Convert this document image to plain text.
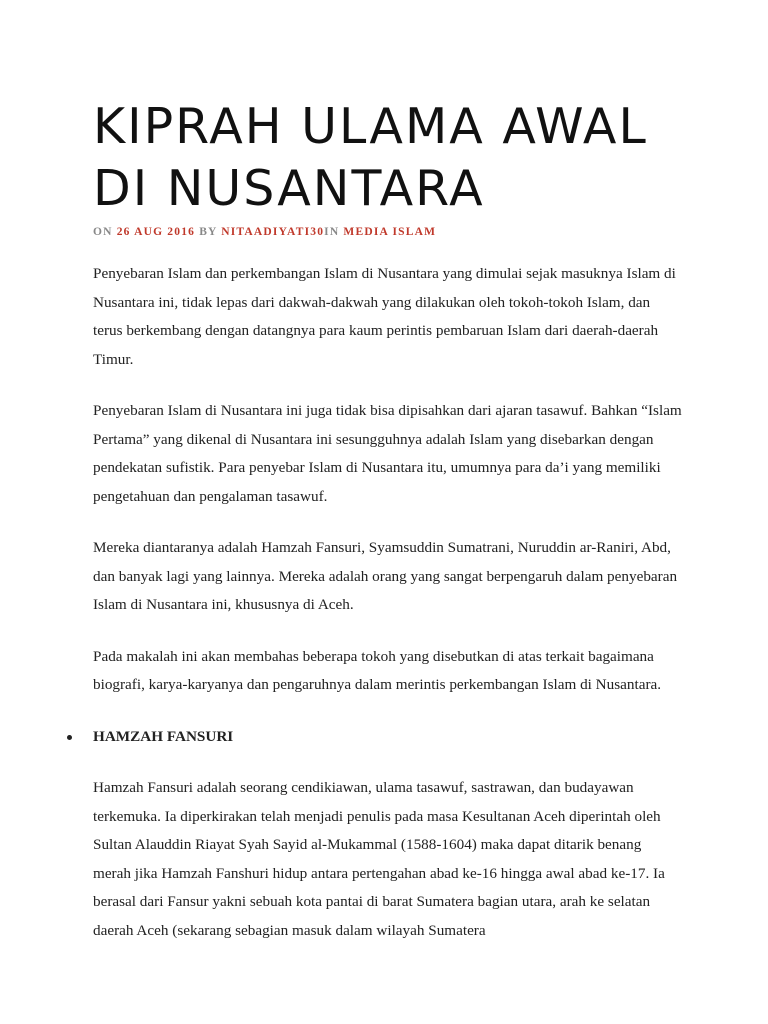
KIPRAH ULAMA AWAL
DI NUSANTARA
ON 26 AUG 2016 BY NITAADIYATI30IN MEDIA ISLAM

Penyebaran Islam dan perkembangan Islam di Nusantara yang dimulai sejak masuknya Islam di Nusantara ini, tidak lepas dari dakwah-dakwah yang dilakukan oleh tokoh-tokoh Islam, dan terus berkembang dengan datangnya para kaum perintis pembaruan Islam dari daerah-daerah Timur.

Penyebaran Islam di Nusantara ini juga tidak bisa dipisahkan dari ajaran tasawuf. Bahkan “Islam Pertama” yang dikenal di Nusantara ini sesungguhnya adalah Islam yang disebarkan dengan pendekatan sufistik. Para penyebar Islam di Nusantara itu, umumnya para da’i yang memiliki pengetahuan dan pengalaman tasawuf.

Mereka diantaranya adalah Hamzah Fansuri, Syamsuddin Sumatrani, Nuruddin ar-Raniri, Abd, dan banyak lagi yang lainnya. Mereka adalah orang yang sangat berpengaruh dalam penyebaran Islam di Nusantara ini, khususnya di Aceh.

Pada makalah ini akan membahas beberapa tokoh yang disebutkan di atas terkait bagaimana biografi, karya-karyanya dan pengaruhnya dalam merintis perkembangan Islam di Nusantara.

HAMZAH FANSURI

Hamzah Fansuri adalah seorang cendikiawan, ulama tasawuf, sastrawan, dan budayawan terkemuka. Ia diperkirakan telah menjadi penulis pada masa Kesultanan Aceh diperintah oleh Sultan Alauddin Riayat Syah Sayid al-Mukammal (1588-1604) maka dapat ditarik benang merah jika Hamzah Fanshuri hidup antara pertengahan abad ke-16 hingga awal abad ke-17. Ia berasal dari Fansur yakni sebuah kota pantai di barat Sumatera bagian utara, arah ke selatan daerah Aceh (sekarang sebagian masuk dalam wilayah Sumatera
